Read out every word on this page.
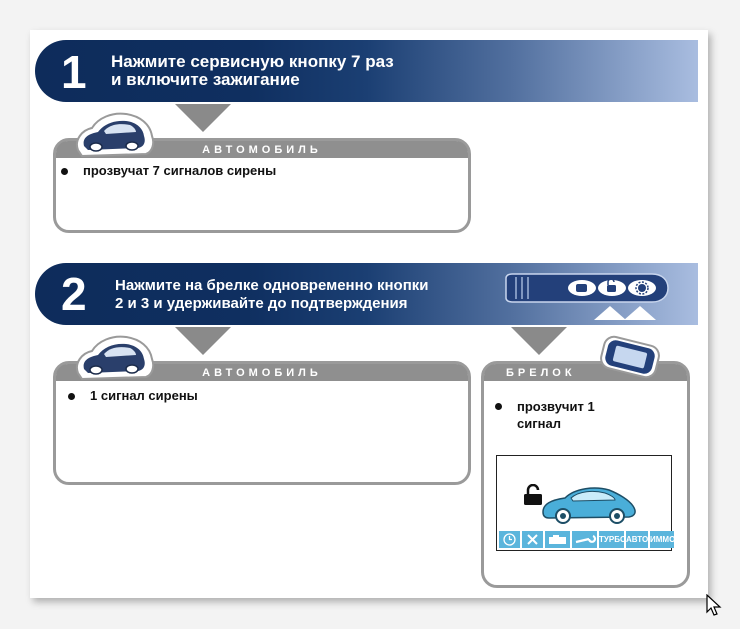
1 Нажмите сервисную кнопку 7 раз
и включите зажигание
АВТОМОБИЛЬ
прозвучат 7 сигналов сирены
2 Нажмите на брелке одновременно кнопки
2 и 3 и удерживайте до подтверждения
АВТОМОБИЛЬ
1 сигнал сирены
БРЕЛОК
прозвучит 1
сигнал
ТУРБО АВТО ИММО
